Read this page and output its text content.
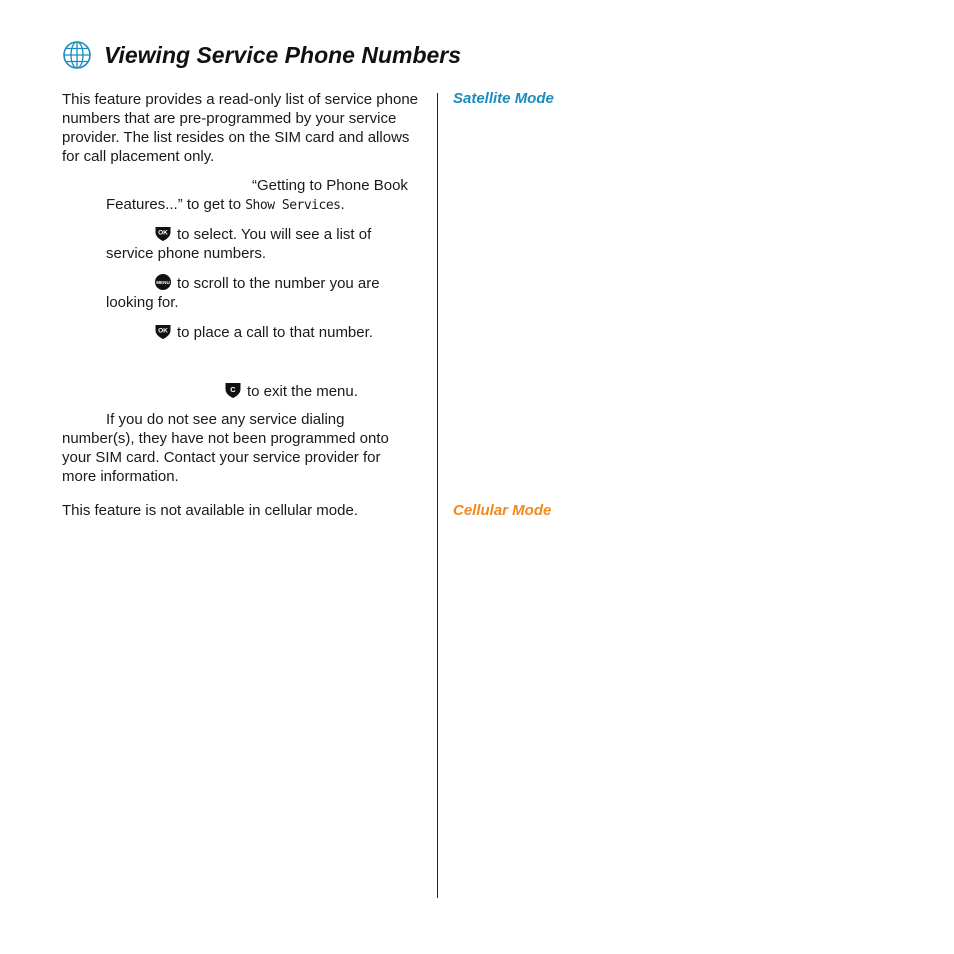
Viewing Service Phone Numbers

This feature provides a read-only list of service phone numbers that are pre-programmed by your service provider. The list resides on the SIM card and allows for call placement only.

“Getting to Phone Book
Features...” to get to Show Services.
OK to select. You will see a list of
service phone numbers.
MENU to scroll to the number you are
looking for.
OK to place a call to that number.
C to exit the menu.
If you do not see any service dialing
number(s), they have not been programmed onto your SIM card. Contact your service provider for more information.

This feature is not available in cellular mode.

Satellite Mode
Cellular Mode
